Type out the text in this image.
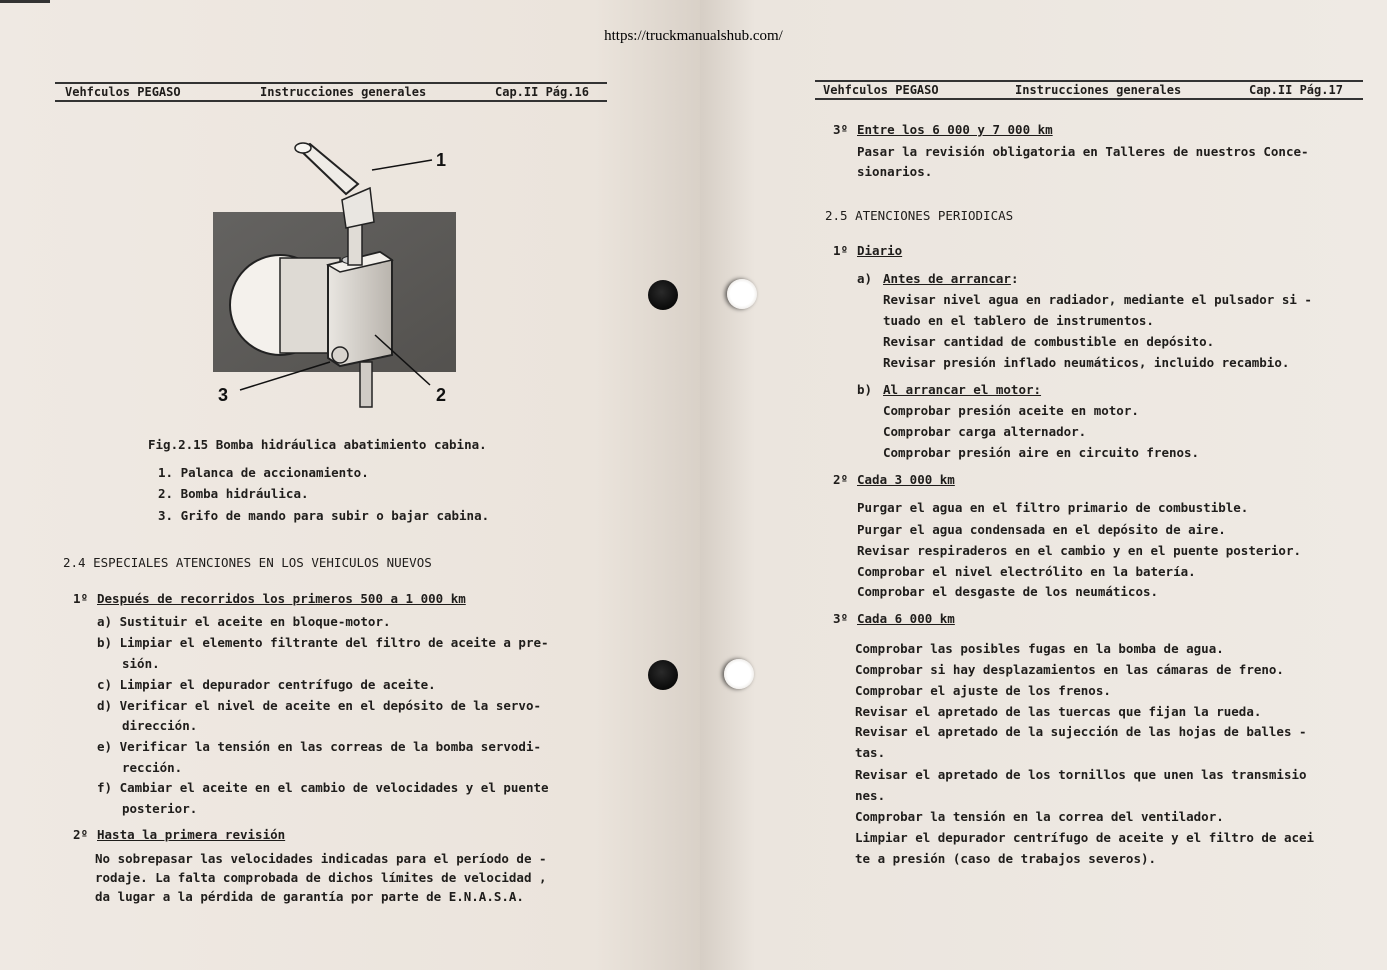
https://truckmanualshub.com/
Vehfculos PEGASO	Instrucciones generales	Cap.II Pág.16
1
2
3
Fig.2.15 Bomba hidráulica abatimiento cabina.
1. Palanca de accionamiento.
2. Bomba hidráulica.
3. Grifo de mando para subir o bajar cabina.
2.4 ESPECIALES ATENCIONES EN LOS VEHICULOS NUEVOS
1º Después de recorridos los primeros 500 a 1 000 km
a) Sustituir el aceite en bloque-motor.
b) Limpiar el elemento filtrante del filtro de aceite a pre-
sión.
c) Limpiar el depurador centrífugo de aceite.
d) Verificar el nivel de aceite en el depósito de la servo-
dirección.
e) Verificar la tensión en las correas de la bomba servodi-
rección.
f) Cambiar el aceite en el cambio de velocidades y el puente
posterior.
2º Hasta la primera revisión
No sobrepasar las velocidades indicadas para el período de -
rodaje. La falta comprobada de dichos límites de velocidad ,
da lugar a la pérdida de garantía por parte de E.N.A.S.A.
Vehfculos PEGASO	Instrucciones generales	Cap.II Pág.17
3º Entre los 6 000 y 7 000 km
Pasar la revisión obligatoria en Talleres de nuestros Conce-
sionarios.
2.5 ATENCIONES PERIODICAS
1º Diario
a) Antes de arrancar:
Revisar nivel agua en radiador, mediante el pulsador si -
tuado en el tablero de instrumentos.
Revisar cantidad de combustible en depósito.
Revisar presión inflado neumáticos, incluido recambio.
b) Al arrancar el motor:
Comprobar presión aceite en motor.
Comprobar carga alternador.
Comprobar presión aire en circuito frenos.
2º Cada 3 000 km
Purgar el agua en el filtro primario de combustible.
Purgar el agua condensada en el depósito de aire.
Revisar respiraderos en el cambio y en el puente posterior.
Comprobar el nivel electrólito en la batería.
Comprobar el desgaste de los neumáticos.
3º Cada 6 000 km
Comprobar las posibles fugas en la bomba de agua.
Comprobar si hay desplazamientos en las cámaras de freno.
Comprobar el ajuste de los frenos.
Revisar el apretado de las tuercas que fijan la rueda.
Revisar el apretado de la sujección de las hojas de balles -
tas.
Revisar el apretado de los tornillos que unen las transmisio
nes.
Comprobar la tensión en la correa del ventilador.
Limpiar el depurador centrífugo de aceite y el filtro de acei
te a presión (caso de trabajos severos).
